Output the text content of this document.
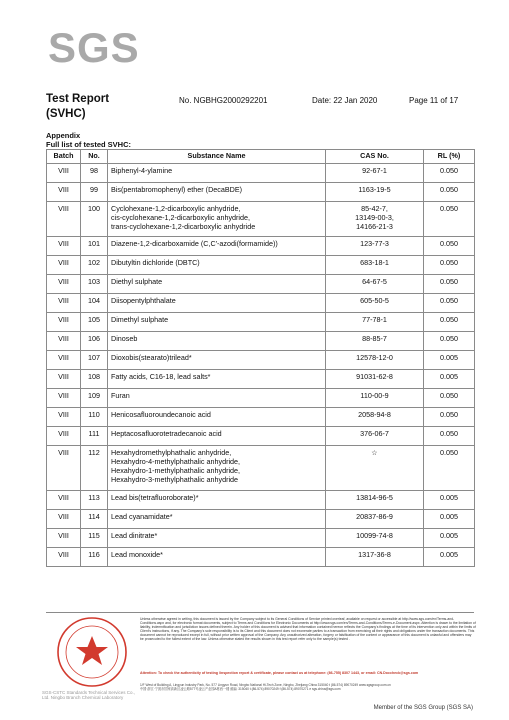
SGS
Test Report
(SVHC)
No. NGBHG2000292201	Date: 22 Jan 2020	Page 11 of 17
Appendix
Full list of tested SVHC:
Batch	No.	Substance Name	CAS No.	RL (%)
VIII	98	Biphenyl-4-ylamine	92-67-1	0.050
VIII	99	Bis(pentabromophenyl) ether (DecaBDE)	1163-19-5	0.050
VIII	100	Cyclohexane-1,2-dicarboxylic anhydride,
cis-cyclohexane-1,2-dicarboxylic anhydride,
trans-cyclohexane-1,2-dicarboxylic anhydride	85-42-7,
13149-00-3,
14166-21-3	0.050
VIII	101	Diazene-1,2-dicarboxamide (C,C'-azodi(formamide))	123-77-3	0.050
VIII	102	Dibutyltin dichloride (DBTC)	683-18-1	0.050
VIII	103	Diethyl sulphate	64-67-5	0.050
VIII	104	Diisopentylphthalate	605-50-5	0.050
VIII	105	Dimethyl sulphate	77-78-1	0.050
VIII	106	Dinoseb	88-85-7	0.050
VIII	107	Dioxobis(stearato)trilead*	12578-12-0	0.005
VIII	108	Fatty acids, C16-18, lead salts*	91031-62-8	0.005
VIII	109	Furan	110-00-9	0.050
VIII	110	Henicosafluoroundecanoic acid	2058-94-8	0.050
VIII	111	Heptacosafluorotetradecanoic acid	376-06-7	0.050
VIII	112	Hexahydromethylphathalic anhydride,
Hexahydro-4-methylphathalic anhydride,
Hexahydro-1-methylphathalic anhydride,
Hexahydro-3-methylphathalic anhydride	☆	0.050
VIII	113	Lead bis(tetrafluoroborate)*	13814-96-5	0.005
VIII	114	Lead cyanamidate*	20837-86-9	0.005
VIII	115	Lead dinitrate*	10099-74-8	0.005
VIII	116	Lead monoxide*	1317-36-8	0.005
SGS-CSTC Standards Technical Services Co., Ltd. Ningbo Branch Chemical Laboratory
Unless otherwise agreed in writing, this document is issued by the Company subject to its General Conditions of Service printed overleaf, available on request or accessible at http://www.sgs.com/en/Terms-and-Conditions.aspx and, for electronic format documents, subject to Terms and Conditions for Electronic Documents at http://www.sgs.com/en/Terms-and-Conditions/Terms-e-Document.aspx. Attention is drawn to the limitation of liability, indemnification and jurisdiction issues defined therein. Any holder of this document is advised that information contained hereon reflects the Company's findings at the time of its intervention only and within the limits of Client's instructions, if any. The Company's sole responsibility is to its Client and this document does not exonerate parties to a transaction from exercising all their rights and obligations under the transaction documents. This document cannot be reproduced except in full, without prior written approval of the Company. Any unauthorized alteration, forgery or falsification of the content or appearance of this document is unlawful and offenders may be prosecuted to the fullest extent of the law. Unless otherwise stated the results shown in this test report refer only to the sample(s) tested .
Attention: To check the authenticity of testing /inspection report & certificate, please contact us at telephone: (86-755) 8307 1443, or email: CN.Doccheck@sgs.com
1/F West of Building A, Lingyun Industry Park, No. 577 Lingyun Road, Ningbo National Hi-Tech Zone, Ningbo, Zhejiang China 315040 t (86-574) 89070249 www.sgsgroup.com.cn
中国·浙江·宁波市国家高新区凌云路577号凌云产业园A栋西一楼 邮编: 315040 t (86-574) 89070249 f (86-574) 89070271 e sgs.china@sgs.com
Member of the SGS Group (SGS SA)
